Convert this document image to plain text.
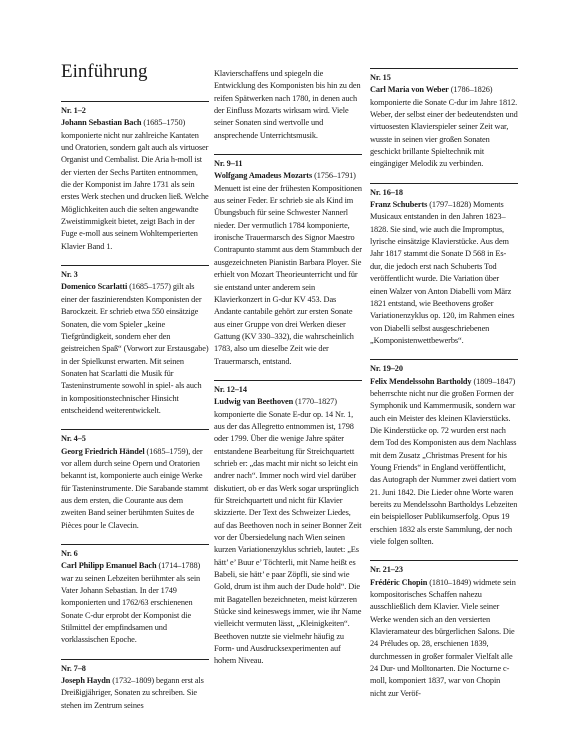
Einführung
Nr. 1–2

Johann Sebastian Bach (1685–1750) komponierte nicht nur zahlreiche Kantaten und Oratorien, sondern galt auch als virtuoser Organist und Cembalist. Die Aria h-moll ist der vierten der Sechs Partiten entnommen, die der Komponist im Jahre 1731 als sein erstes Werk stechen und drucken ließ. Welche Möglichkeiten auch die selten angewandte Zweistimmigkeit bietet, zeigt Bach in der Fuge e-moll aus seinem Wohltemperierten Klavier Band 1.

Nr. 3

Domenico Scarlatti (1685–1757) gilt als einer der faszinierendsten Komponisten der Barockzeit. Er schrieb etwa 550 einsätzige Sonaten, die vom Spieler „keine Tiefgründigkeit, sondern eher den geistreichen Spaß“ (Vorwort zur Erstausgabe) in der Spielkunst erwarten. Mit seinen Sonaten hat Scarlatti die Musik für Tasteninstrumente sowohl in spiel- als auch in kompositionstechnischer Hinsicht entscheidend weiterentwickelt.

Nr. 4–5

Georg Friedrich Händel (1685–1759), der vor allem durch seine Opern und Oratorien bekannt ist, komponierte auch einige Werke für Tasteninstrumente. Die Sarabande stammt aus dem ersten, die Courante aus dem zweiten Band seiner berühmten Suites de Pièces pour le Clavecin.

Nr. 6

Carl Philipp Emanuel Bach (1714–1788) war zu seinen Lebzeiten berühmter als sein Vater Johann Sebastian. In der 1749 komponierten und 1762/63 erschienenen Sonate C-dur erprobt der Komponist die Stilmittel der empfindsamen und vorklassischen Epoche.

Nr. 7–8

Joseph Haydn (1732–1809) begann erst als Dreißigjähriger, Sonaten zu schreiben. Sie stehen im Zentrum seines

Klavierschaffens und spiegeln die Entwicklung des Komponisten bis hin zu den reifen Spätwerken nach 1780, in denen auch der Einfluss Mozarts wirksam wird. Viele seiner Sonaten sind wertvolle und ansprechende Unterrichtsmusik.

Nr. 9–11

Wolfgang Amadeus Mozarts (1756–1791) Menuett ist eine der frühesten Kompositionen aus seiner Feder. Er schrieb sie als Kind im Übungsbuch für seine Schwester Nannerl nieder. Der vermutlich 1784 komponierte, ironische Trauermarsch des Signor Maestro Contrapunto stammt aus dem Stammbuch der ausgezeichneten Pianistin Barbara Ployer. Sie erhielt von Mozart Theorieunterricht und für sie entstand unter anderem sein Klavierkonzert in G-dur KV 453. Das Andante cantabile gehört zur ersten Sonate aus einer Gruppe von drei Werken dieser Gattung (KV 330–332), die wahrscheinlich 1783, also um dieselbe Zeit wie der Trauermarsch, entstand.

Nr. 12–14

Ludwig van Beethoven (1770–1827) komponierte die Sonate E-dur op. 14 Nr. 1, aus der das Allegretto entnommen ist, 1798 oder 1799. Über die wenige Jahre später entstandene Bearbeitung für Streichquartett schrieb er: „das macht mir nicht so leicht ein andrer nach“. Immer noch wird viel darüber diskutiert, ob er das Werk sogar ursprünglich für Streichquartett und nicht für Klavier skizzierte. Der Text des Schweizer Liedes, auf das Beethoven noch in seiner Bonner Zeit vor der Übersiedelung nach Wien seinen kurzen Variationenzyklus schrieb, lautet: „Es hätt’ e’ Buur e’ Töchterli, mit Name heißt es Babeli, sie hätt’ e paar Zöpfli, sie sind wie Gold, drum ist ihm auch der Dude hold“. Die mit Bagatellen bezeichneten, meist kürzeren Stücke sind keineswegs immer, wie ihr Name vielleicht vermuten lässt, „Kleinigkeiten“. Beethoven nutzte sie vielmehr häufig zu Form- und Ausdrucksexperimenten auf hohem Niveau.

Nr. 15

Carl Maria von Weber (1786–1826) komponierte die Sonate C-dur im Jahre 1812. Weber, der selbst einer der bedeutendsten und virtuosesten Klavierspieler seiner Zeit war, wusste in seinen vier großen Sonaten geschickt brillante Spieltechnik mit eingängiger Melodik zu verbinden.

Nr. 16–18

Franz Schuberts (1797–1828) Moments Musicaux entstanden in den Jahren 1823–1828. Sie sind, wie auch die Impromptus, lyrische einsätzige Klavierstücke. Aus dem Jahr 1817 stammt die Sonate D 568 in Es-dur, die jedoch erst nach Schuberts Tod veröffentlicht wurde. Die Variation über einen Walzer von Anton Diabelli vom März 1821 entstand, wie Beethovens großer Variationenzyklus op. 120, im Rahmen eines von Diabelli selbst ausgeschriebenen „Komponistenwettbewerbs“.

Nr. 19–20

Felix Mendelssohn Bartholdy (1809–1847) beherrschte nicht nur die großen Formen der Symphonik und Kammermusik, sondern war auch ein Meister des kleinen Klavierstücks. Die Kinderstücke op. 72 wurden erst nach dem Tod des Komponisten aus dem Nachlass mit dem Zusatz „Christmas Present for his Young Friends“ in England veröffentlicht, das Autograph der Nummer zwei datiert vom 21. Juni 1842. Die Lieder ohne Worte waren bereits zu Mendelssohn Bartholdys Lebzeiten ein beispielloser Publikumserfolg. Opus 19 erschien 1832 als erste Sammlung, der noch viele folgen sollten.

Nr. 21–23

Frédéric Chopin (1810–1849) widmete sein kompositorisches Schaffen nahezu ausschließlich dem Klavier. Viele seiner Werke wenden sich an den versierten Klavieramateur des bürgerlichen Salons. Die 24 Préludes op. 28, erschienen 1839, durchmessen in großer formaler Vielfalt alle 24 Dur- und Molltonarten. Die Nocturne c-moll, komponiert 1837, war von Chopin nicht zur Veröf-
